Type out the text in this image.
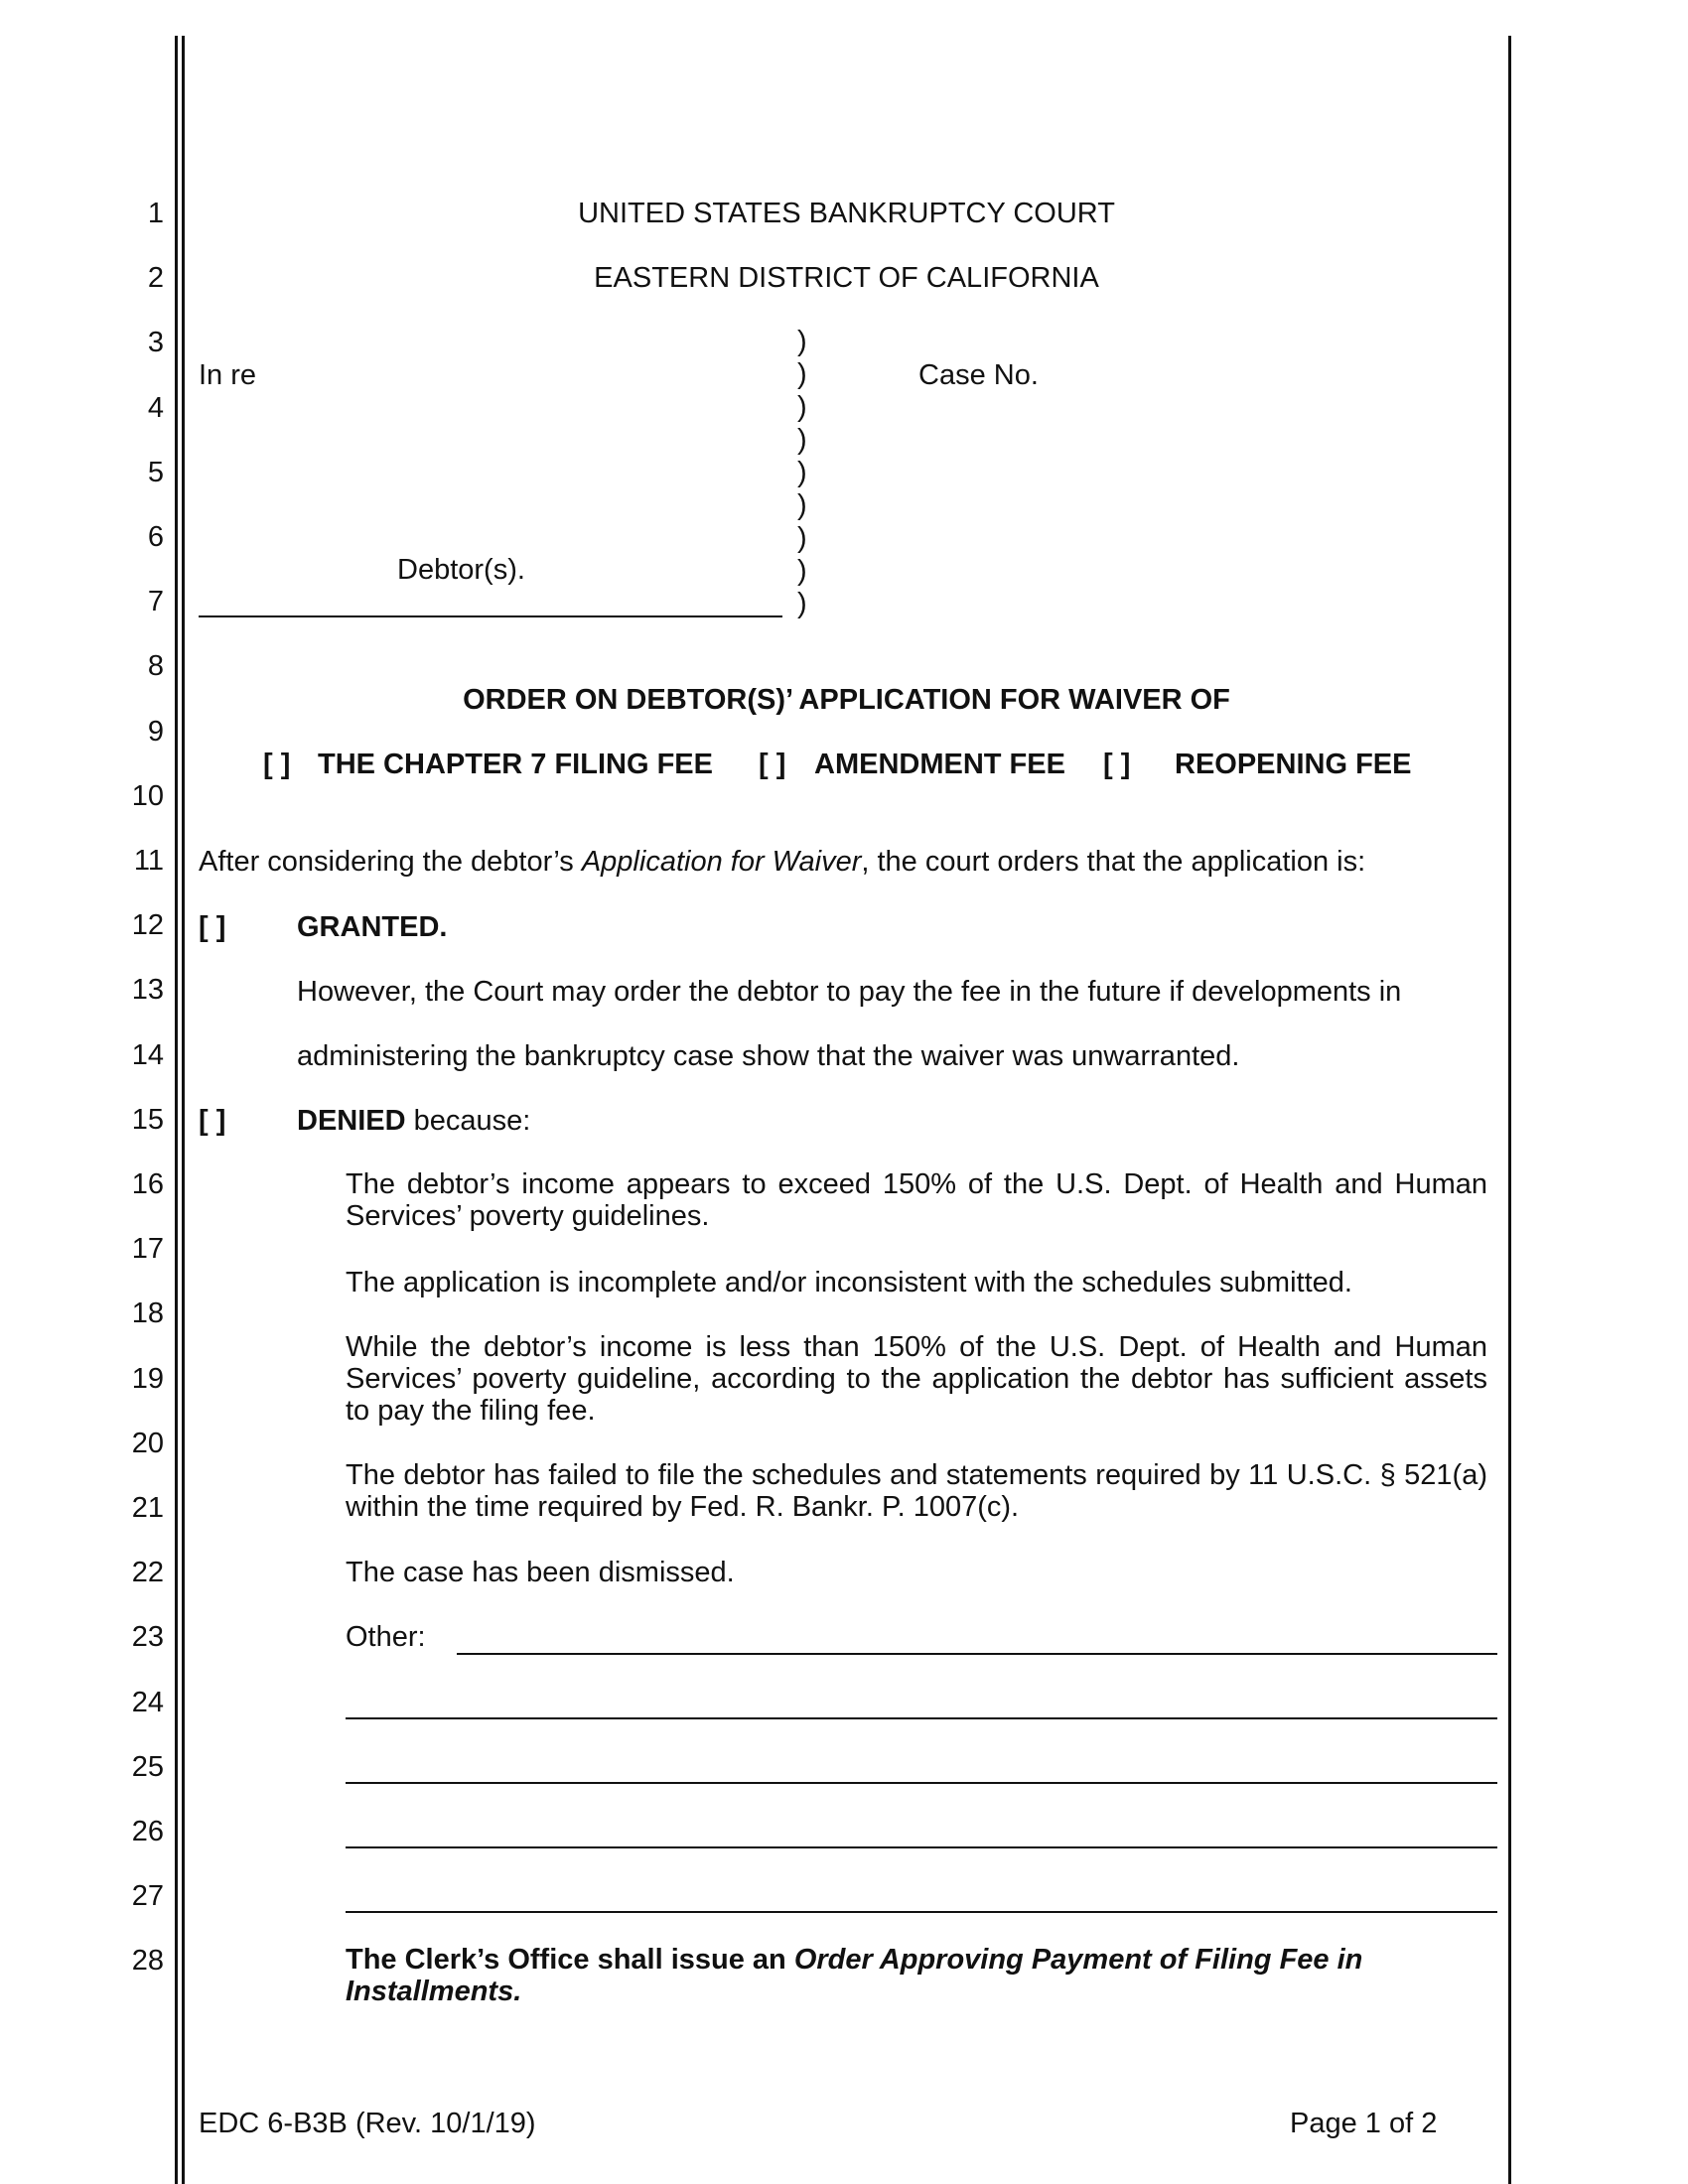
1
2
3
4
5
6
7
8
9
10
11
12
13
14
15
16
17
18
19
20
21
22
23
24
25
26
27
28
UNITED STATES BANKRUPTCY COURT
EASTERN DISTRICT OF CALIFORNIA
In re	Case No.
Debtor(s).
)
)
)
)
)
)
)
)
)
ORDER ON DEBTOR(S)’ APPLICATION FOR WAIVER OF
[ ] THE CHAPTER 7 FILING FEE [ ] AMENDMENT FEE [ ] REOPENING FEE
After considering the debtor’s Application for Waiver, the court orders that the application is:
[ ] GRANTED.
However, the Court may order the debtor to pay the fee in the future if developments in
administering the bankruptcy case show that the waiver was unwarranted.
[ ] DENIED because:
The debtor’s income appears to exceed 150% of the U.S. Dept. of Health and Human Services’ poverty guidelines.
The application is incomplete and/or inconsistent with the schedules submitted.
While the debtor’s income is less than 150% of the U.S. Dept. of Health and Human Services’ poverty guideline, according to the application the debtor has sufficient assets to pay the filing fee.
The debtor has failed to file the schedules and statements required by 11 U.S.C. § 521(a) within the time required by Fed. R. Bankr. P. 1007(c).
The case has been dismissed.
Other:
The Clerk’s Office shall issue an Order Approving Payment of Filing Fee in Installments.
EDC 6-B3B (Rev. 10/1/19)	Page 1 of 2
